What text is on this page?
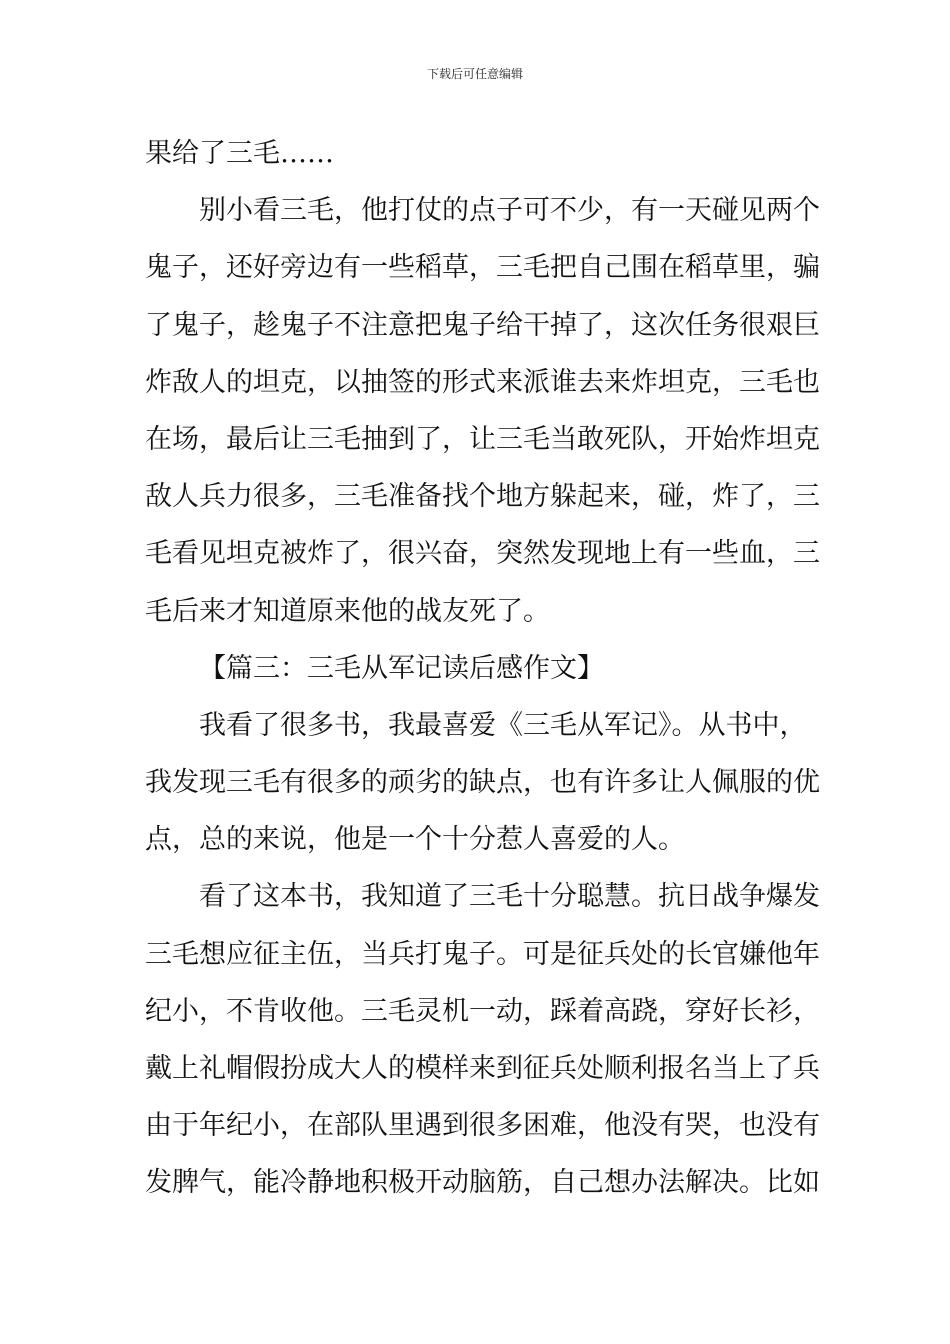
下载后可任意编辑
果给了三毛……
别小看三毛，他打仗的点子可不少，有一天碰见两个
鬼子，还好旁边有一些稻草，三毛把自己围在稻草里，骗
了鬼子，趁鬼子不注意把鬼子给干掉了，这次任务很艰巨
炸敌人的坦克，以抽签的形式来派谁去来炸坦克，三毛也
在场，最后让三毛抽到了，让三毛当敢死队，开始炸坦克
敌人兵力很多，三毛准备找个地方躲起来，碰，炸了，三
毛看见坦克被炸了，很兴奋，突然发现地上有一些血，三
毛后来才知道原来他的战友死了。
【篇三：三毛从军记读后感作文】
我看了很多书，我最喜爱《三毛从军记》。从书中，
我发现三毛有很多的顽劣的缺点，也有许多让人佩服的优
点，总的来说，他是一个十分惹人喜爱的人。
看了这本书，我知道了三毛十分聪慧。抗日战争爆发
三毛想应征主伍，当兵打鬼子。可是征兵处的长官嫌他年
纪小，不肯收他。三毛灵机一动，踩着高跷，穿好长衫，
戴上礼帽假扮成大人的模样来到征兵处顺利报名当上了兵
由于年纪小，在部队里遇到很多困难，他没有哭，也没有
发脾气，能冷静地积极开动脑筋，自己想办法解决。比如
